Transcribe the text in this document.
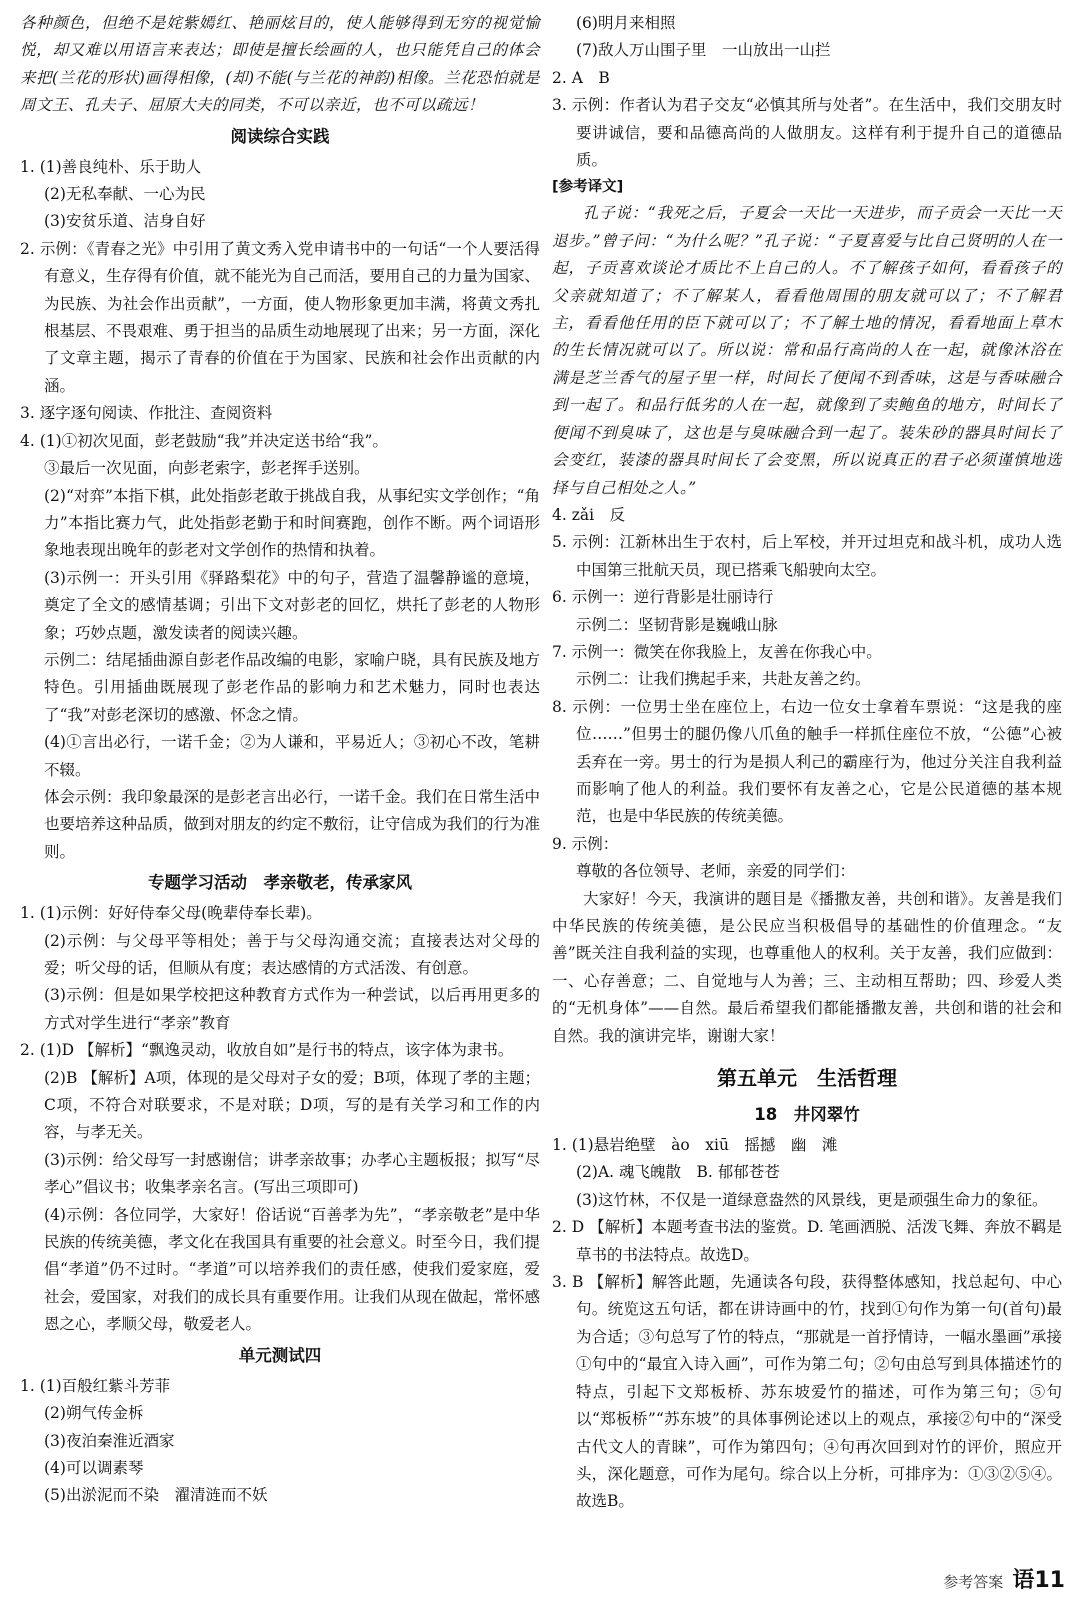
各种颜色，但绝不是姹紫嫣红、艳丽炫目的，使人能够得到无穷的视觉愉悦，却又难以用语言来表达；即使是擅长绘画的人，也只能凭自己的体会来把(兰花的形状)画得相像，(却)不能(与兰花的神韵)相像。兰花恐怕就是周文王、孔夫子、屈原大夫的同类，不可以亲近，也不可以疏远！
阅读综合实践
1. (1)善良纯朴、乐于助人
(2)无私奉献、一心为民
(3)安贫乐道、洁身自好
2. 示例：《青春之光》中引用了黄文秀入党申请书中的一句话“一个人要活得有意义，生存得有价值，就不能光为自己而活，要用自己的力量为国家、为民族、为社会作出贡献”，一方面，使人物形象更加丰满，将黄文秀扎根基层、不畏艰难、勇于担当的品质生动地展现了出来；另一方面，深化了文章主题，揭示了青春的价值在于为国家、民族和社会作出贡献的内涵。
3. 逐字逐句阅读、作批注、查阅资料
4. (1)①初次见面，彭老鼓励“我”并决定送书给“我”。
③最后一次见面，向彭老索字，彭老挥手送别。
(2)“对弈”本指下棋，此处指彭老敢于挑战自我，从事纪实文学创作；“角力”本指比赛力气，此处指彭老勤于和时间赛跑，创作不断。两个词语形象地表现出晚年的彭老对文学创作的热情和执着。
(3)示例一：开头引用《驿路梨花》中的句子，营造了温馨静谧的意境，奠定了全文的感情基调；引出下文对彭老的回忆，烘托了彭老的人物形象；巧妙点题，激发读者的阅读兴趣。
示例二：结尾插曲源自彭老作品改编的电影，家喻户晓，具有民族及地方特色。引用插曲既展现了彭老作品的影响力和艺术魅力，同时也表达了“我”对彭老深切的感激、怀念之情。
(4)①言出必行，一诺千金；②为人谦和，平易近人；③初心不改，笔耕不辍。
体会示例：我印象最深的是彭老言出必行，一诺千金。我们在日常生活中也要培养这种品质，做到对朋友的约定不敷衍，让守信成为我们的行为准则。
专题学习活动　孝亲敬老，传承家风
1. (1)示例：好好侍奉父母(晚辈侍奉长辈)。
(2)示例：与父母平等相处；善于与父母沟通交流；直接表达对父母的爱；听父母的话，但顺从有度；表达感情的方式活泼、有创意。
(3)示例：但是如果学校把这种教育方式作为一种尝试，以后再用更多的方式对学生进行“孝亲”教育
2. (1)D 【解析】“飘逸灵动，收放自如”是行书的特点，该字体为隶书。
(2)B 【解析】A项，体现的是父母对子女的爱；B项，体现了孝的主题；C项，不符合对联要求，不是对联；D项，写的是有关学习和工作的内容，与孝无关。
(3)示例：给父母写一封感谢信；讲孝亲故事；办孝心主题板报；拟写“尽孝心”倡议书；收集孝亲名言。(写出三项即可)
(4)示例：各位同学，大家好！俗话说“百善孝为先”，“孝亲敬老”是中华民族的传统美德，孝文化在我国具有重要的社会意义。时至今日，我们提倡“孝道”仍不过时。“孝道”可以培养我们的责任感，使我们爱家庭，爱社会，爱国家，对我们的成长具有重要作用。让我们从现在做起，常怀感恩之心，孝顺父母，敬爱老人。
单元测试四
1. (1)百般红紫斗芳菲
(2)朔气传金柝
(3)夜泊秦淮近酒家
(4)可以调素琴
(5)出淤泥而不染　濯清涟而不妖
(6)明月来相照
(7)敌人万山围子里　一山放出一山拦
2. A　B
3. 示例：作者认为君子交友“必慎其所与处者”。在生活中，我们交朋友时要讲诚信，要和品德高尚的人做朋友。这样有利于提升自己的道德品质。
[参考译文]
孔子说：“我死之后，子夏会一天比一天进步，而子贡会一天比一天退步。”曾子问：“为什么呢？”孔子说：“子夏喜爱与比自己贤明的人在一起，子贡喜欢谈论才质比不上自己的人。不了解孩子如何，看看孩子的父亲就知道了；不了解某人，看看他周围的朋友就可以了；不了解君主，看看他任用的臣下就可以了；不了解土地的情况，看看地面上草木的生长情况就可以了。所以说：常和品行高尚的人在一起，就像沐浴在满是芝兰香气的屋子里一样，时间长了便闻不到香味，这是与香味融合到一起了。和品行低劣的人在一起，就像到了卖鲍鱼的地方，时间长了便闻不到臭味了，这也是与臭味融合到一起了。装朱砂的器具时间长了会变红，装漆的器具时间长了会变黑，所以说真正的君子必须谨慎地选择与自己相处之人。”
4. zǎi　反
5. 示例：江新林出生于农村，后上军校，并开过坦克和战斗机，成功人选中国第三批航天员，现已搭乘飞船驶向太空。
6. 示例一：逆行背影是壮丽诗行
示例二：坚韧背影是巍峨山脉
7. 示例一：微笑在你我脸上，友善在你我心中。
示例二：让我们携起手来，共赴友善之约。
8. 示例：一位男士坐在座位上，右边一位女士拿着车票说：“这是我的座位……”但男士的腿仍像八爪鱼的触手一样抓住座位不放，“公德”心被丢弃在一旁。男士的行为是损人利己的霸座行为，他过分关注自我利益而影响了他人的利益。我们要怀有友善之心，它是公民道德的基本规范，也是中华民族的传统美德。
9. 示例：
尊敬的各位领导、老师，亲爱的同学们：
大家好！今天，我演讲的题目是《播撒友善，共创和谐》。友善是我们中华民族的传统美德，是公民应当积极倡导的基础性的价值理念。“友善”既关注自我利益的实现，也尊重他人的权利。关于友善，我们应做到：一、心存善意；二、自觉地与人为善；三、主动相互帮助；四、珍爱人类的“无机身体”——自然。最后希望我们都能播撒友善，共创和谐的社会和自然。我的演讲完毕，谢谢大家！
第五单元　生活哲理
18　井冈翠竹
1. (1)悬岩绝壁　ào　xiū　摇撼　幽　滩
(2)A. 魂飞魄散　B. 郁郁苍苍
(3)这竹林，不仅是一道绿意盎然的风景线，更是顽强生命力的象征。
2. D 【解析】本题考查书法的鉴赏。D. 笔画洒脱、活泼飞舞、奔放不羁是草书的书法特点。故选D。
3. B 【解析】解答此题，先通读各句段，获得整体感知，找总起句、中心句。统览这五句话，都在讲诗画中的竹，找到①句作为第一句(首句)最为合适；③句总写了竹的特点，“那就是一首抒情诗，一幅水墨画”承接①句中的“最宜入诗入画”，可作为第二句；②句由总写到具体描述竹的特点，引起下文郑板桥、苏东坡爱竹的描述，可作为第三句；⑤句以“郑板桥”“苏东坡”的具体事例论述以上的观点，承接②句中的“深受古代文人的青睐”，可作为第四句；④句再次回到对竹的评价，照应开头，深化题意，可作为尾句。综合以上分析，可排序为：①③②⑤④。故选B。
参考答案 语11
